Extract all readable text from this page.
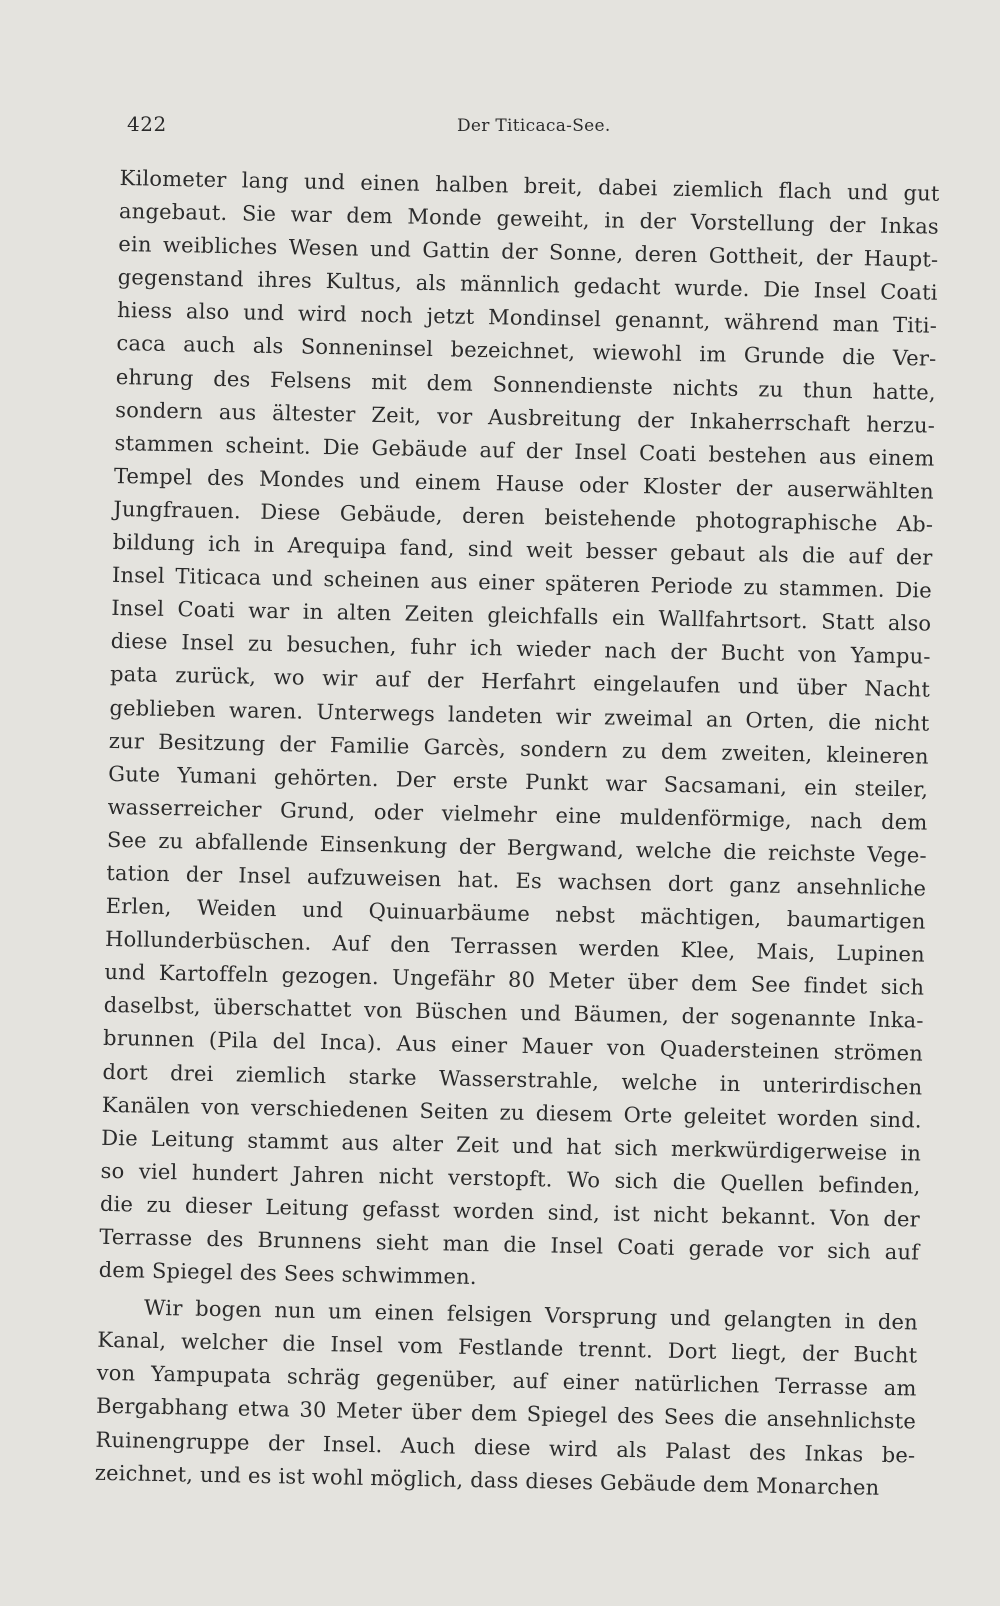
422	Der Titicaca-See.
Kilometer lang und einen halben breit, dabei ziemlich flach und gut
angebaut. Sie war dem Monde geweiht, in der Vorstellung der Inkas
ein weibliches Wesen und Gattin der Sonne, deren Gottheit, der Haupt-
gegenstand ihres Kultus, als männlich gedacht wurde. Die Insel Coati
hiess also und wird noch jetzt Mondinsel genannt, während man Titi-
caca auch als Sonneninsel bezeichnet, wiewohl im Grunde die Ver-
ehrung des Felsens mit dem Sonnendienste nichts zu thun hatte,
sondern aus ältester Zeit, vor Ausbreitung der Inkaherrschaft herzu-
stammen scheint. Die Gebäude auf der Insel Coati bestehen aus einem
Tempel des Mondes und einem Hause oder Kloster der auserwählten
Jungfrauen. Diese Gebäude, deren beistehende photographische Ab-
bildung ich in Arequipa fand, sind weit besser gebaut als die auf der
Insel Titicaca und scheinen aus einer späteren Periode zu stammen. Die
Insel Coati war in alten Zeiten gleichfalls ein Wallfahrtsort. Statt also
diese Insel zu besuchen, fuhr ich wieder nach der Bucht von Yampu-
pata zurück, wo wir auf der Herfahrt eingelaufen und über Nacht
geblieben waren. Unterwegs landeten wir zweimal an Orten, die nicht
zur Besitzung der Familie Garcès, sondern zu dem zweiten, kleineren
Gute Yumani gehörten. Der erste Punkt war Sacsamani, ein steiler,
wasserreicher Grund, oder vielmehr eine muldenförmige, nach dem
See zu abfallende Einsenkung der Bergwand, welche die reichste Vege-
tation der Insel aufzuweisen hat. Es wachsen dort ganz ansehnliche
Erlen, Weiden und Quinuarbäume nebst mächtigen, baumartigen
Hollunderbüschen. Auf den Terrassen werden Klee, Mais, Lupinen
und Kartoffeln gezogen. Ungefähr 80 Meter über dem See findet sich
daselbst, überschattet von Büschen und Bäumen, der sogenannte Inka-
brunnen (Pila del Inca). Aus einer Mauer von Quadersteinen strömen
dort drei ziemlich starke Wasserstrahle, welche in unterirdischen
Kanälen von verschiedenen Seiten zu diesem Orte geleitet worden sind.
Die Leitung stammt aus alter Zeit und hat sich merkwürdigerweise in
so viel hundert Jahren nicht verstopft. Wo sich die Quellen befinden,
die zu dieser Leitung gefasst worden sind, ist nicht bekannt. Von der
Terrasse des Brunnens sieht man die Insel Coati gerade vor sich auf
dem Spiegel des Sees schwimmen.
Wir bogen nun um einen felsigen Vorsprung und gelangten in den
Kanal, welcher die Insel vom Festlande trennt. Dort liegt, der Bucht
von Yampupata schräg gegenüber, auf einer natürlichen Terrasse am
Bergabhang etwa 30 Meter über dem Spiegel des Sees die ansehnlichste
Ruinengruppe der Insel. Auch diese wird als Palast des Inkas be-
zeichnet, und es ist wohl möglich, dass dieses Gebäude dem Monarchen
